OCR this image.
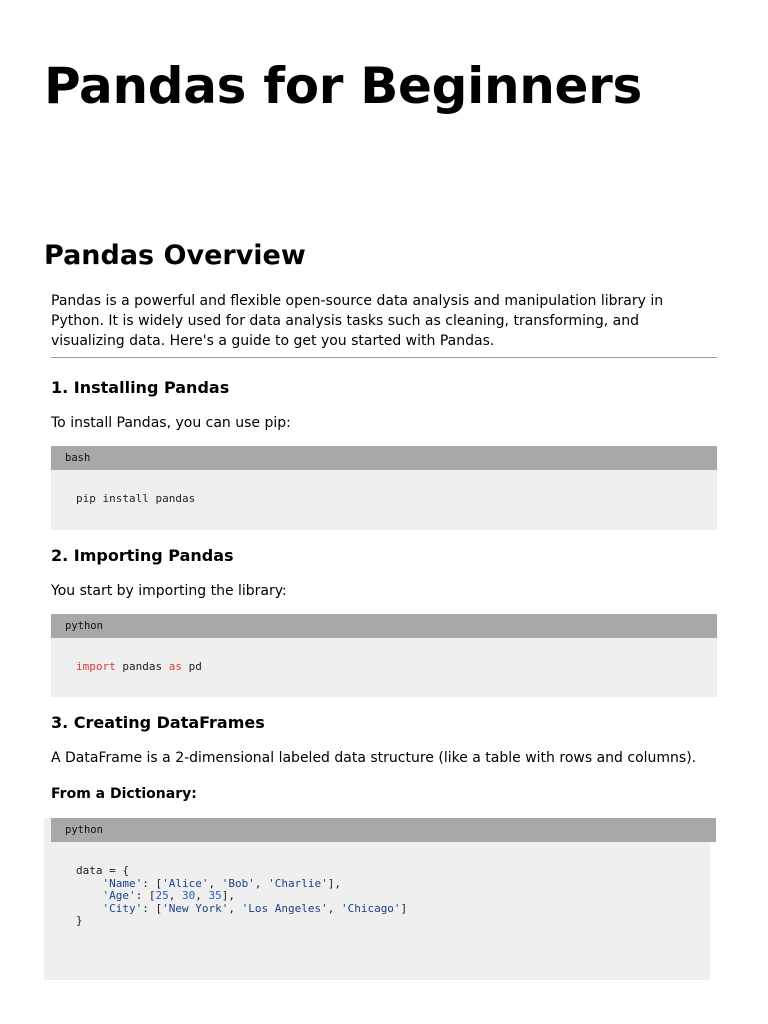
Pandas for Beginners
Pandas Overview

Pandas is a powerful and flexible open-source data analysis and manipulation library in Python. It is widely used for data analysis tasks such as cleaning, transforming, and visualizing data. Here's a guide to get you started with Pandas.

1. Installing Pandas

To install Pandas, you can use pip:

bash
pip install pandas
2. Importing Pandas

You start by importing the library:

python
import pandas as pd
3. Creating DataFrames

A DataFrame is a 2-dimensional labeled data structure (like a table with rows and columns).

From a Dictionary:

python
data = {
'Name': ['Alice', 'Bob', 'Charlie'],
'Age': [25, 30, 35],
'City': ['New York', 'Los Angeles', 'Chicago']
}
